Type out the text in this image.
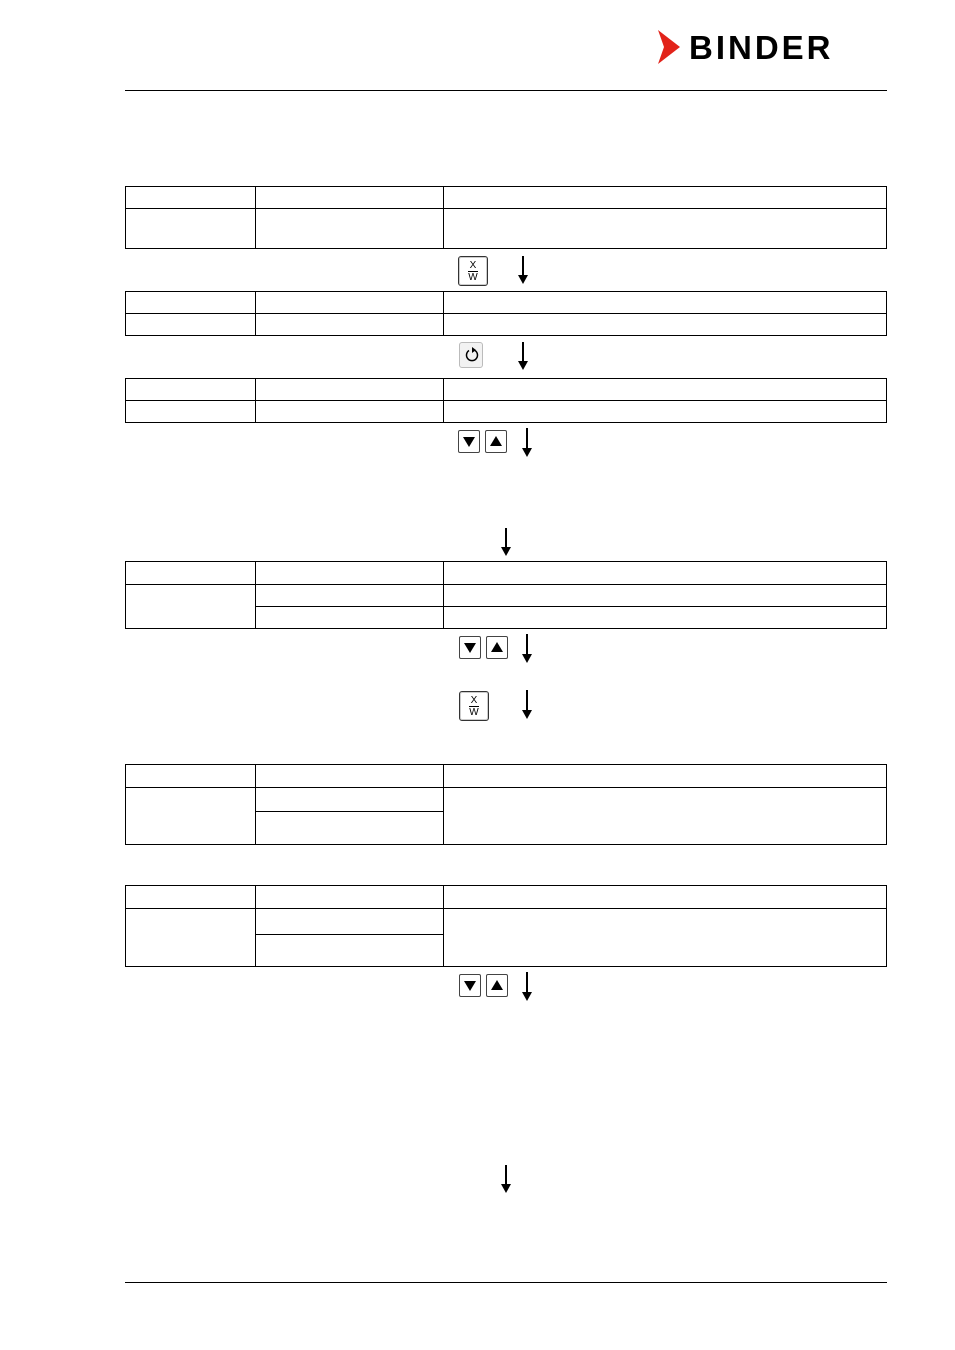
BINDER

X
W

X
W
